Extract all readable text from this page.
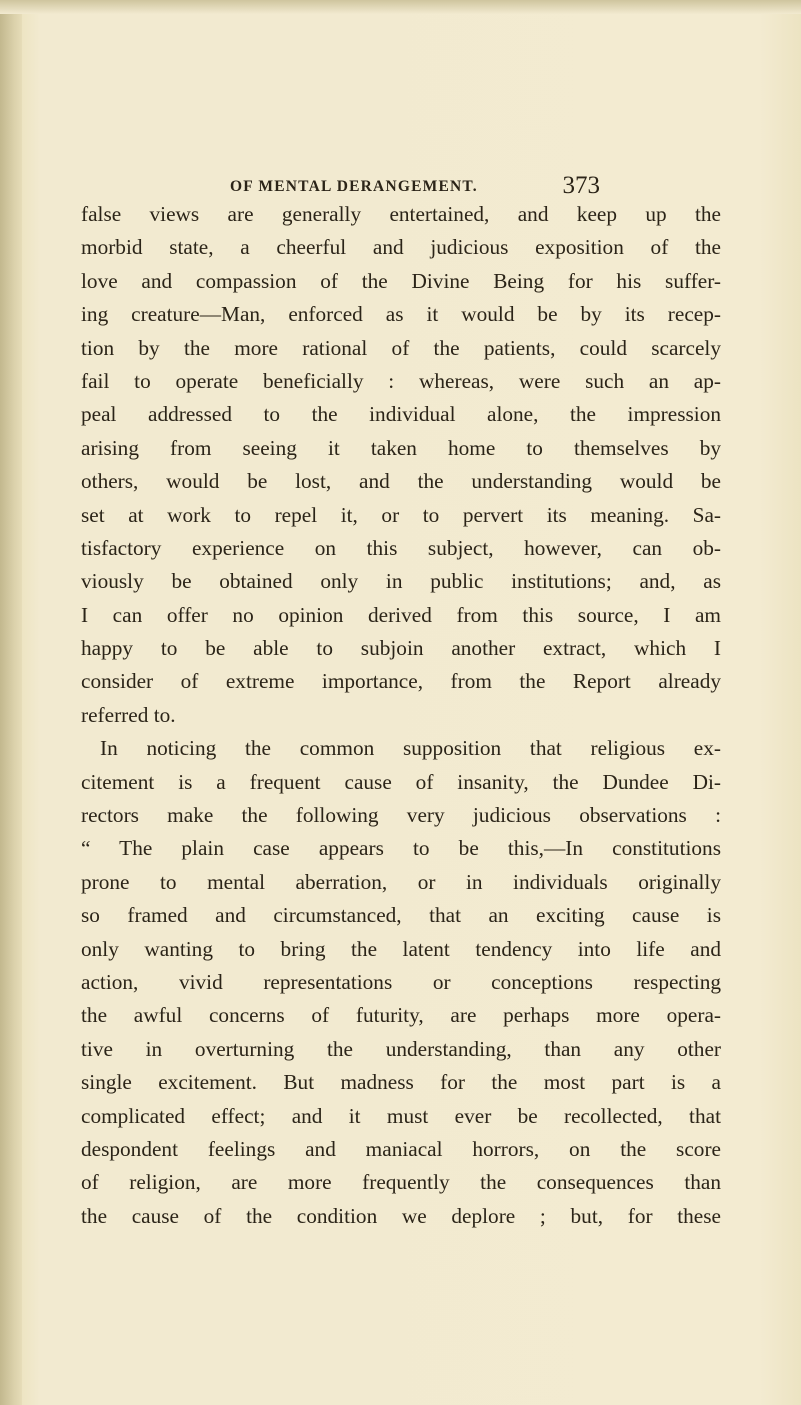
OF MENTAL DERANGEMENT.	373
false views are generally entertained, and keep up the
morbid state, a cheerful and judicious exposition of the
love and compassion of the Divine Being for his suffer-
ing creature—Man, enforced as it would be by its recep-
tion by the more rational of the patients, could scarcely
fail to operate beneficially : whereas, were such an ap-
peal addressed to the individual alone, the impression
arising from seeing it taken home to themselves by
others, would be lost, and the understanding would be
set at work to repel it, or to pervert its meaning. Sa-
tisfactory experience on this subject, however, can ob-
viously be obtained only in public institutions; and, as
I can offer no opinion derived from this source, I am
happy to be able to subjoin another extract, which I
consider of extreme importance, from the Report already
referred to.
In noticing the common supposition that religious ex-
citement is a frequent cause of insanity, the Dundee Di-
rectors make the following very judicious observations :
“ The plain case appears to be this,—In constitutions
prone to mental aberration, or in individuals originally
so framed and circumstanced, that an exciting cause is
only wanting to bring the latent tendency into life and
action, vivid representations or conceptions respecting
the awful concerns of futurity, are perhaps more opera-
tive in overturning the understanding, than any other
single excitement. But madness for the most part is a
complicated effect; and it must ever be recollected, that
despondent feelings and maniacal horrors, on the score
of religion, are more frequently the consequences than
the cause of the condition we deplore ; but, for these
